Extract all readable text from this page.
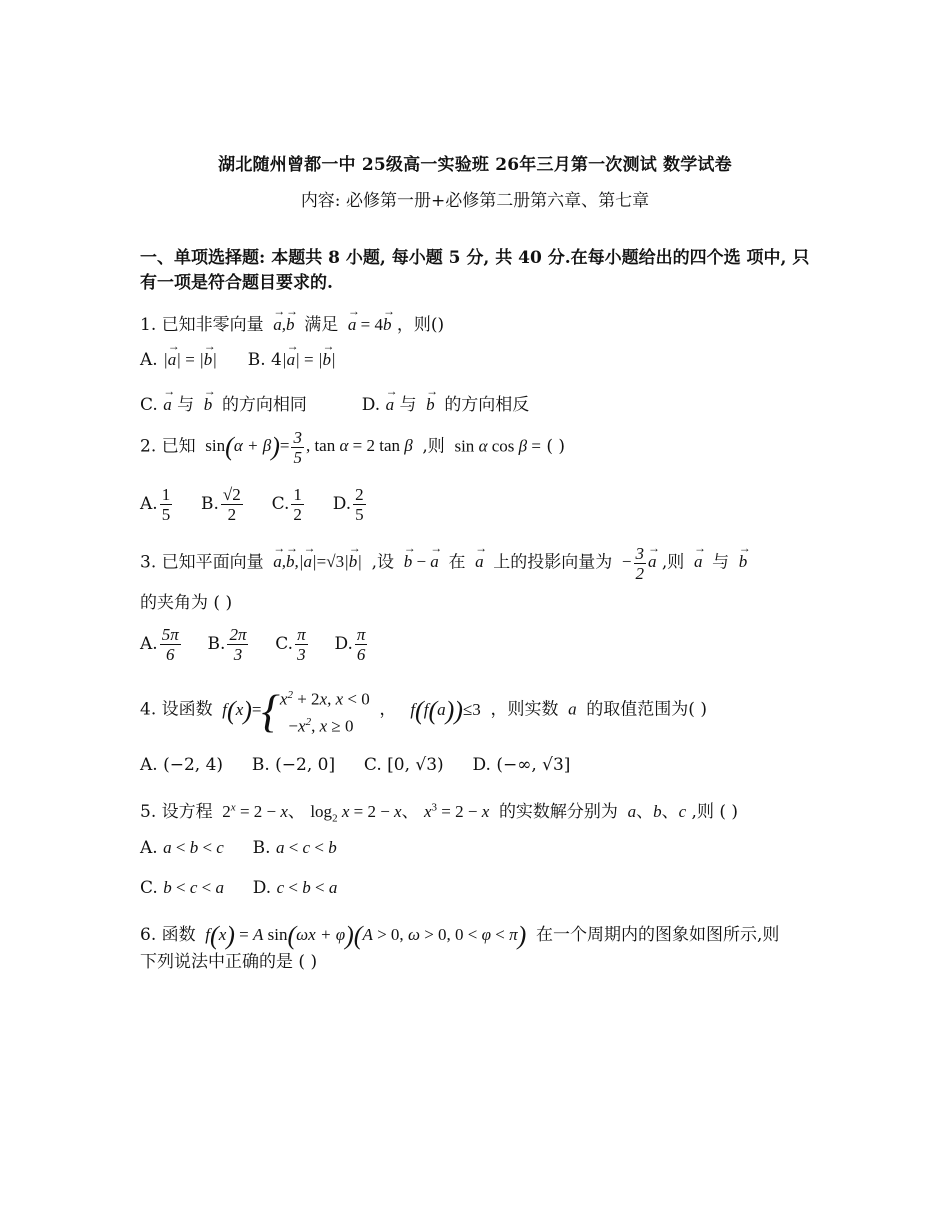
湖北随州曾都一中 25级高一实验班 26年三月第一次测试 数学试卷
内容: 必修第一册+必修第二册第六章、第七章
一、单项选择题: 本题共 8 小题, 每小题 5 分, 共 40 分.在每小题给出的四个选 项中, 只有一项是符合题目要求的.
1. 已知非零向量  → a,→ b 满足  → a = 4→ b ，则()
A. |→ a| = |→ b| B. 4|→ a| = |→ b|
C. → a 与  → b 的方向相同	D. → a 与  → b 的方向相反
2. 已知 $\sin(\alpha + \beta)= \frac{3}{5}$ , tan α = 2 tan β  ,则 sin α cos β = ( )
A. $\frac{1}{5} B$. $\frac{√2}{2} C$. $\frac{1}{2} D$. $\frac{2}{5}$
3. 已知平面向量  → a,→ b,|→ a|=√3|→ b|  ,设  → b − → a 在  → a 上的投影向量为 − $\frac{3}{2}$
→ a ,则  → a 与  → b
的夹角为 ( )
A. $\frac{5\pi}{6} B$. $\frac{2\pi}{3} C$. $\frac{\pi}{3} D$. $\frac{\pi}{6}$
4. 设函数  f(x)={ $x^2 + 2x$, x < 0
$-x^2$, x ≥ 0
，   f(f(a))≤3 ，则实数  a  的取值范围为( )
A. (−2, 4) B. (−2, 0] C. [0, √3) D. (−∞, √3]
5. 设方程 $2^x = 2 - x$、 $\log_2 x = 2 - x$、 $x^3 = 2 - x$  的实数解分别为  a、b、c ,则 ( )
A. a < b < c B. a < c < b
C. b < c < a D. c < b < a
6. 函数  f(x) = A sin(ωx + φ)(A > 0, ω > 0, 0 < φ < π) 在一个周期内的图象如图所示,则
下列说法中正确的是 ( )
